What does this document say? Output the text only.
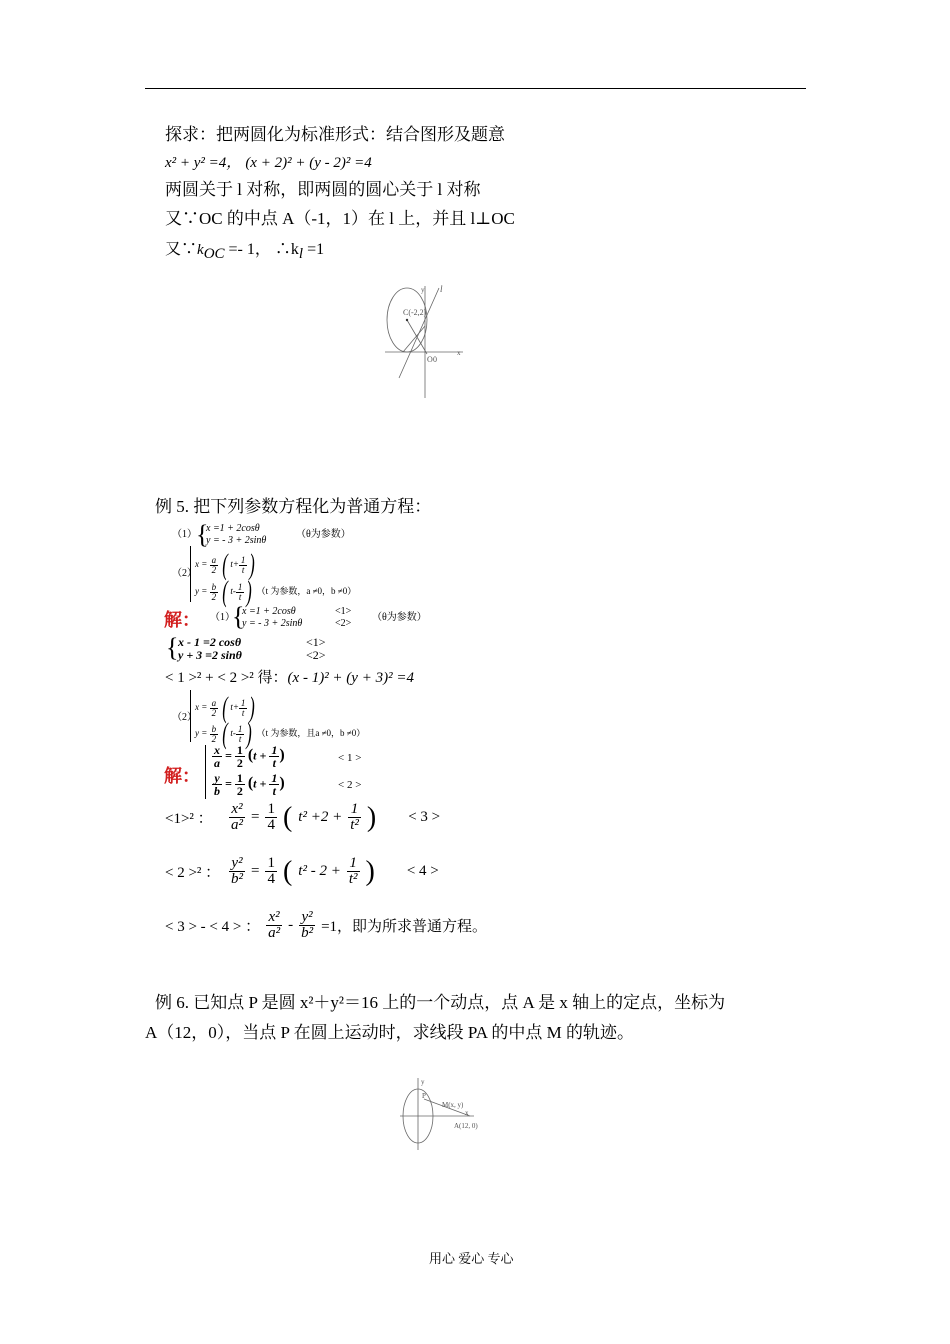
探求：把两圆化为标准形式：结合图形及题意
x² + y² =4， (x + 2)² + (y - 2)² =4
两圆关于 l 对称，即两圆的圆心关于 l 对称
又∵OC 的中点 A（-1，1）在 l 上，并且 l⊥OC
又$\because k_{OC} =- 1$， $\therefore k_l =1$
l
y
x
C(-2,2)
O 0
例 5. 把下列参数方程化为普通方程：
（1） {
x =1 + 2cosθ
y = - 3 + 2sinθ
（θ为参数）
（2）
$x = \frac{a}{2}$ ( $t+ \frac{1}{t}$ )
$y = \frac{b}{2}$ ( $t- \frac{1}{t}$ ) （t 为参数，a ≠0，b ≠0）
解： （1）
{
x =1 + 2cosθ	<1>
y = - 3 + 2sinθ	<2>
（θ为参数）
{ x - 1 =2 cosθ	<1>
y + 3 =2 sinθ	<2>
< 1 >² + < 2 >² 得：(x - 1)² + (y + 3)² =4
（2）
$x = \frac{a}{2}$ ( $t+ \frac{1}{t}$ )
$y = \frac{b}{2}$ ( $t- \frac{1}{t}$ ) （t 为参数，且a ≠0，b ≠0）
解：
$\frac{x}{a} = \frac{1}{2} (t + \frac{1}{t}$ )	< 1 >
$\frac{y}{b} = \frac{1}{2} (t + \frac{1}{t}$ )	< 2 >
<1>² ：	$\frac{\text{x²}}{\text{a²}} = \frac{1}{4}$ ( $t^2 +2 + \frac{1}{\text{t²}}$ ) < 3 >
< 2 >² ： $\frac{\text{y²}}{\text{b²}} = \frac{1}{4}$ ( $t^2 - 2 + \frac{1}{\text{t²}}$ ) < 4 >
< 3 > - < 4 > ： $\frac{\text{x²}}{\text{a²}} - \frac{\text{y²}}{\text{b²}} =1$，即为所求普通方程。
例 6. 已知点 P 是圆 x²＋y²＝16 上的一个动点，点 A 是 x 轴上的定点，坐标为
A（12，0），当点 P 在圆上运动时，求线段 PA 的中点 M 的轨迹。
y
P
M(x, y)
x
A(12, 0)
用心 爱心 专心
